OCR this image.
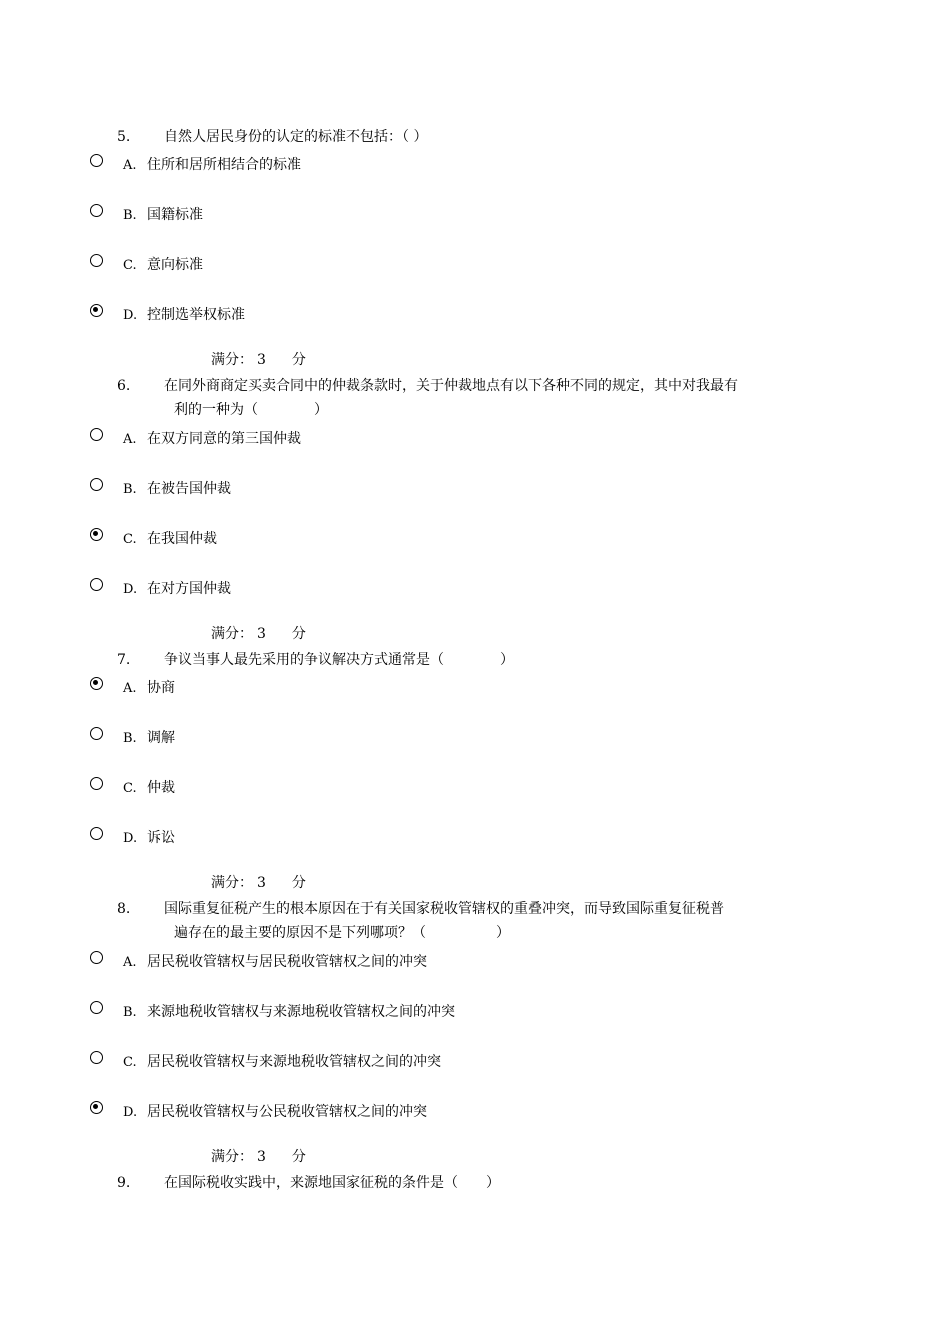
5.	自然人居民身份的认定的标准不包括：（ ）
A. 住所和居所相结合的标准
B. 国籍标准
C. 意向标准
D. 控制选举权标准
满分： 3 分
6.	在同外商商定买卖合同中的仲裁条款时，关于仲裁地点有以下各种不同的规定，其中对我最有
利的一种为（　　　　）
A. 在双方同意的第三国仲裁
B. 在被告国仲裁
C. 在我国仲裁
D. 在对方国仲裁
满分： 3 分
7.	争议当事人最先采用的争议解决方式通常是（　　　　）
A. 协商
B. 调解
C. 仲裁
D. 诉讼
满分： 3 分
8.	国际重复征税产生的根本原因在于有关国家税收管辖权的重叠冲突，而导致国际重复征税普
遍存在的最主要的原因不是下列哪项？（　　　　　）
A. 居民税收管辖权与居民税收管辖权之间的冲突
B. 来源地税收管辖权与来源地税收管辖权之间的冲突
C. 居民税收管辖权与来源地税收管辖权之间的冲突
D. 居民税收管辖权与公民税收管辖权之间的冲突
满分： 3 分
9.	在国际税收实践中，来源地国家征税的条件是（　　）
